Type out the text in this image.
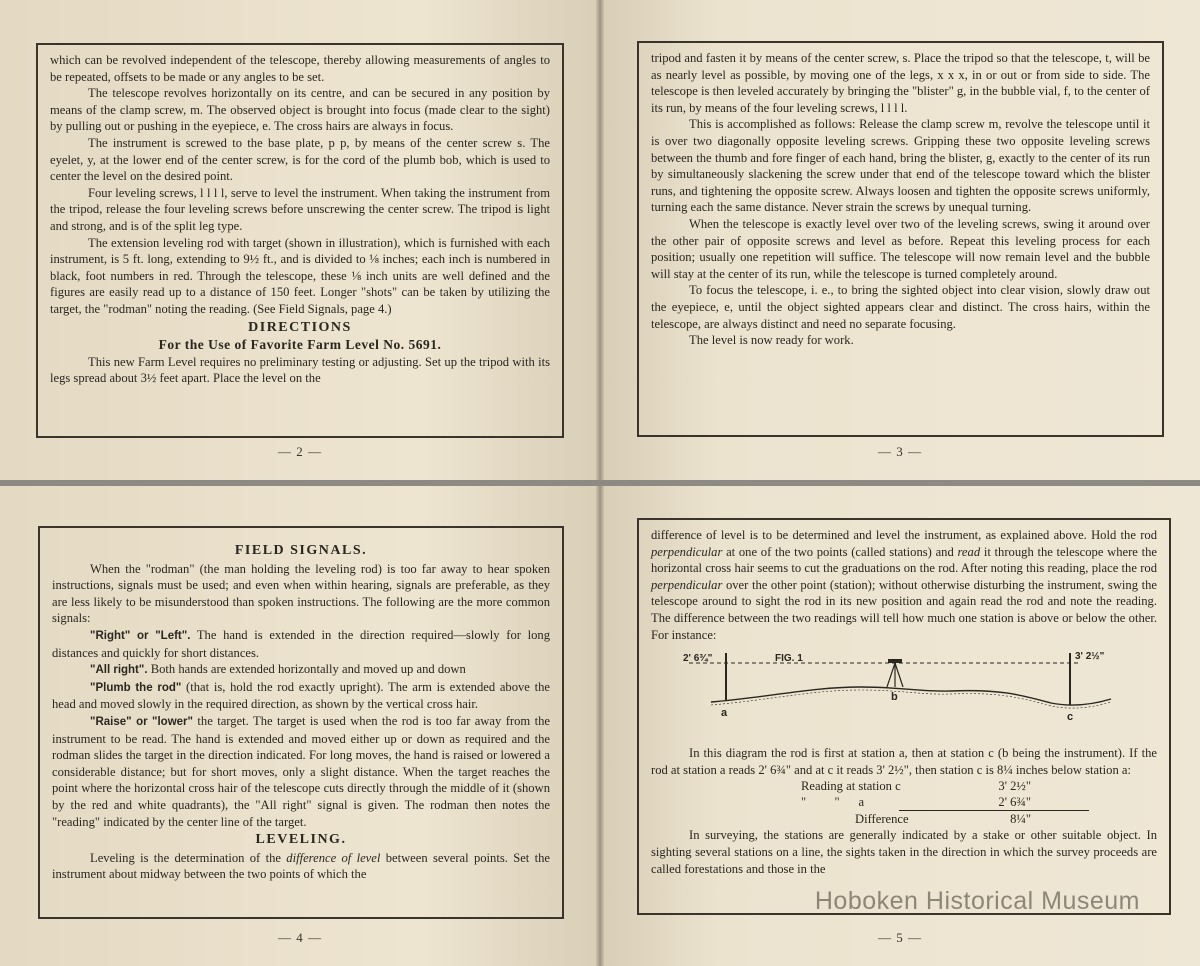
which can be revolved independent of the telescope, thereby allowing measurements of angles to be repeated, offsets to be made or any angles to be set.

The telescope revolves horizontally on its centre, and can be secured in any position by means of the clamp screw, m. The observed object is brought into focus (made clear to the sight) by pulling out or pushing in the eyepiece, e. The cross hairs are always in focus.

The instrument is screwed to the base plate, p p, by means of the center screw s. The eyelet, y, at the lower end of the center screw, is for the cord of the plumb bob, which is used to center the level on the desired point.

Four leveling screws, l l l l, serve to level the instrument. When taking the instrument from the tripod, release the four leveling screws before unscrewing the center screw. The tripod is light and strong, and is of the split leg type.

The extension leveling rod with target (shown in illustration), which is furnished with each instrument, is 5 ft. long, extending to 9½ ft., and is divided to ⅛ inches; each inch is numbered in black, foot numbers in red. Through the telescope, these ⅛ inch units are well defined and the figures are easily read up to a distance of 150 feet. Longer "shots" can be taken by utilizing the target, the "rodman" noting the reading. (See Field Signals, page 4.)

DIRECTIONS
For the Use of Favorite Farm Level No. 5691.

This new Farm Level requires no preliminary testing or adjusting. Set up the tripod with its legs spread about 3½ feet apart. Place the level on the

— 2 —

tripod and fasten it by means of the center screw, s. Place the tripod so that the telescope, t, will be as nearly level as possible, by moving one of the legs, x x x, in or out or from side to side. The telescope is then leveled accurately by bringing the "blister" g, in the bubble vial, f, to the center of its run, by means of the four leveling screws, l l l l.

This is accomplished as follows: Release the clamp screw m, revolve the telescope until it is over two diagonally opposite leveling screws. Gripping these two opposite leveling screws between the thumb and fore finger of each hand, bring the blister, g, exactly to the center of its run by simultaneously slackening the screw under that end of the telescope toward which the blister runs, and tightening the opposite screw. Always loosen and tighten the opposite screws uniformly, turning each the same distance. Never strain the screws by unequal turning.

When the telescope is exactly level over two of the leveling screws, swing it around over the other pair of opposite screws and level as before. Repeat this leveling process for each position; usually one repetition will suffice. The telescope will now remain level and the bubble will stay at the center of its run, while the telescope is turned completely around.

To focus the telescope, i. e., to bring the sighted object into clear vision, slowly draw out the eyepiece, e, until the object sighted appears clear and distinct. The cross hairs, within the telescope, are always distinct and need no separate focusing.

The level is now ready for work.

— 3 —
FIELD SIGNALS.

When the "rodman" (the man holding the leveling rod) is too far away to hear spoken instructions, signals must be used; and even when within hearing, signals are preferable, as they are less likely to be misunderstood than spoken instructions. The following are the more common signals:

"Right" or "Left". The hand is extended in the direction required—slowly for long distances and quickly for short distances.

"All right". Both hands are extended horizontally and moved up and down

"Plumb the rod" (that is, hold the rod exactly upright). The arm is extended above the head and moved slowly in the required direction, as shown by the vertical cross hair.

"Raise" or "lower" the target. The target is used when the rod is too far away from the instrument to be read. The hand is extended and moved either up or down as required and the rodman slides the target in the direction indicated. For long moves, the hand is raised or lowered a considerable distance; but for short moves, only a slight distance. When the target reaches the point where the horizontal cross hair of the telescope cuts directly through the middle of it (shown by the red and white quadrants), the "All right" signal is given. The rodman then notes the "reading" indicated by the center line of the target.

LEVELING.

Leveling is the determination of the difference of level between several points. Set the instrument about midway between the two points of which the

— 4 —

difference of level is to be determined and level the instrument, as explained above. Hold the rod perpendicular at one of the two points (called stations) and read it through the telescope where the horizontal cross hair seems to cut the graduations on the rod. After noting this reading, place the rod perpendicular over the other point (station); without otherwise disturbing the instrument, swing the telescope around to sight the rod in its new position and again read the rod and note the reading. The difference between the two readings will tell how much one station is above or below the other. For instance:

FIG. 1
2' 6¾"	3' 2½"
a
b
c

In this diagram the rod is first at station a, then at station c (b being the instrument). If the rod at station a reads 2' 6¾" and at c it reads 3' 2½", then station c is 8¼ inches below station a:

Reading at station c	3' 2½"
"         "      a	2' 6¾"
Difference	8¼"

In surveying, the stations are generally indicated by a stake or other suitable object. In sighting several stations on a line, the sights taken in the direction in which the survey proceeds are called forestations and those in the

Hoboken Historical Museum
— 5 —
